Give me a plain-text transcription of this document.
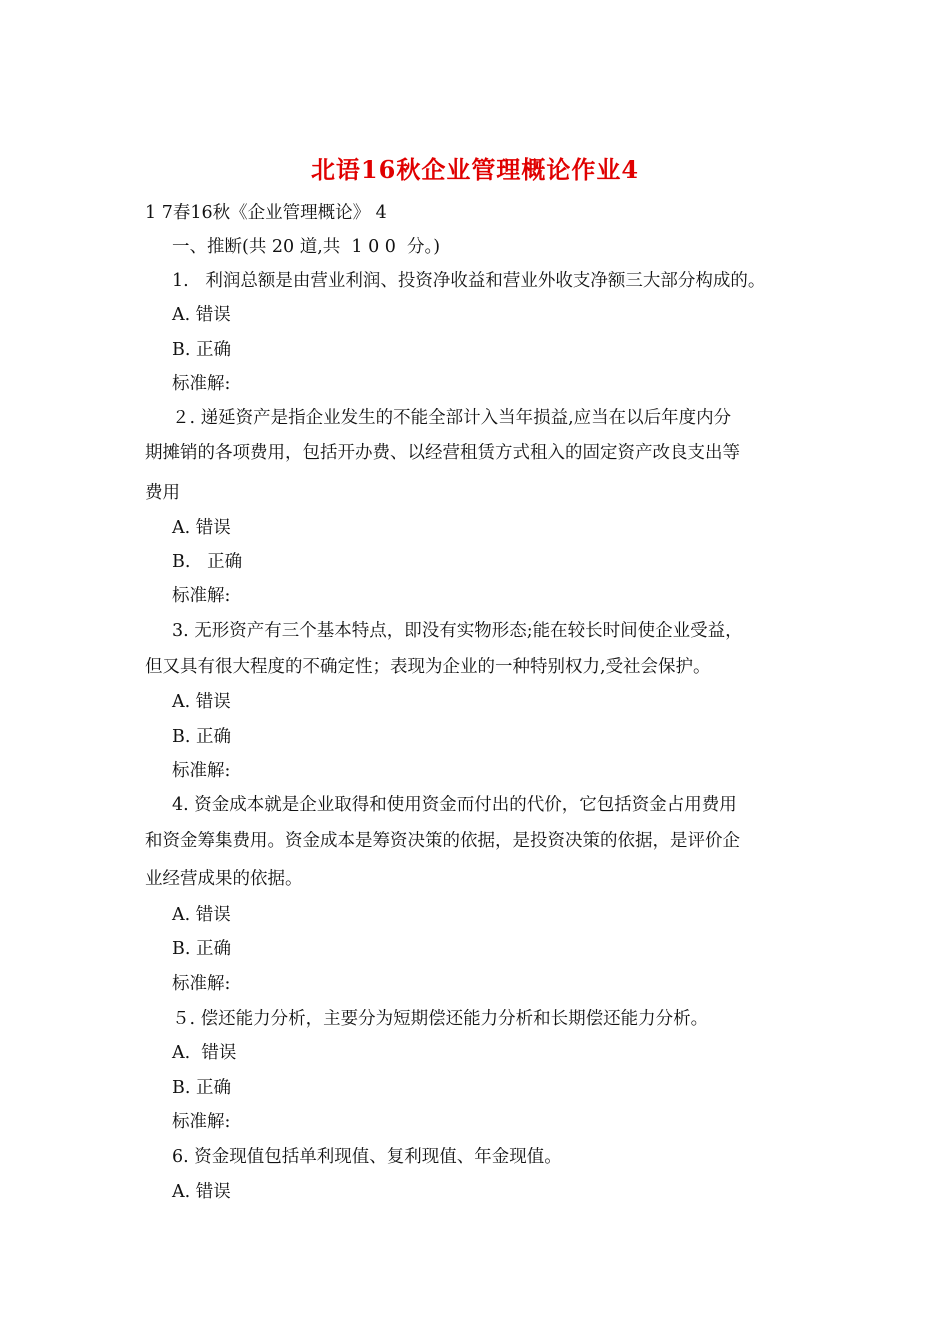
北语16秋企业管理概论作业4
1 7春16秋《企业管理概论》 4
一、推断(共 20 道,共  1 0 0  分。)
1.   利润总额是由营业利润、投资净收益和营业外收支净额三大部分构成的。
A. 错误
B. 正确
标准解:
２. 递延资产是指企业发生的不能全部计入当年损益,应当在以后年度内分
期摊销的各项费用，包括开办费、以经营租赁方式租入的固定资产改良支出等
费用
A. 错误
B.   正确
标准解:
3. 无形资产有三个基本特点，即没有实物形态;能在较长时间使企业受益，
但又具有很大程度的不确定性；表现为企业的一种特别权力,受社会保护。
A. 错误
B. 正确
标准解:
4. 资金成本就是企业取得和使用资金而付出的代价，它包括资金占用费用
和资金筹集费用。资金成本是筹资决策的依据，是投资决策的依据，是评价企
业经营成果的依据。
A. 错误
B. 正确
标准解:
５. 偿还能力分析，主要分为短期偿还能力分析和长期偿还能力分析。
A.  错误
B. 正确
标准解:
6. 资金现值包括单利现值、复利现值、年金现值。
A. 错误
